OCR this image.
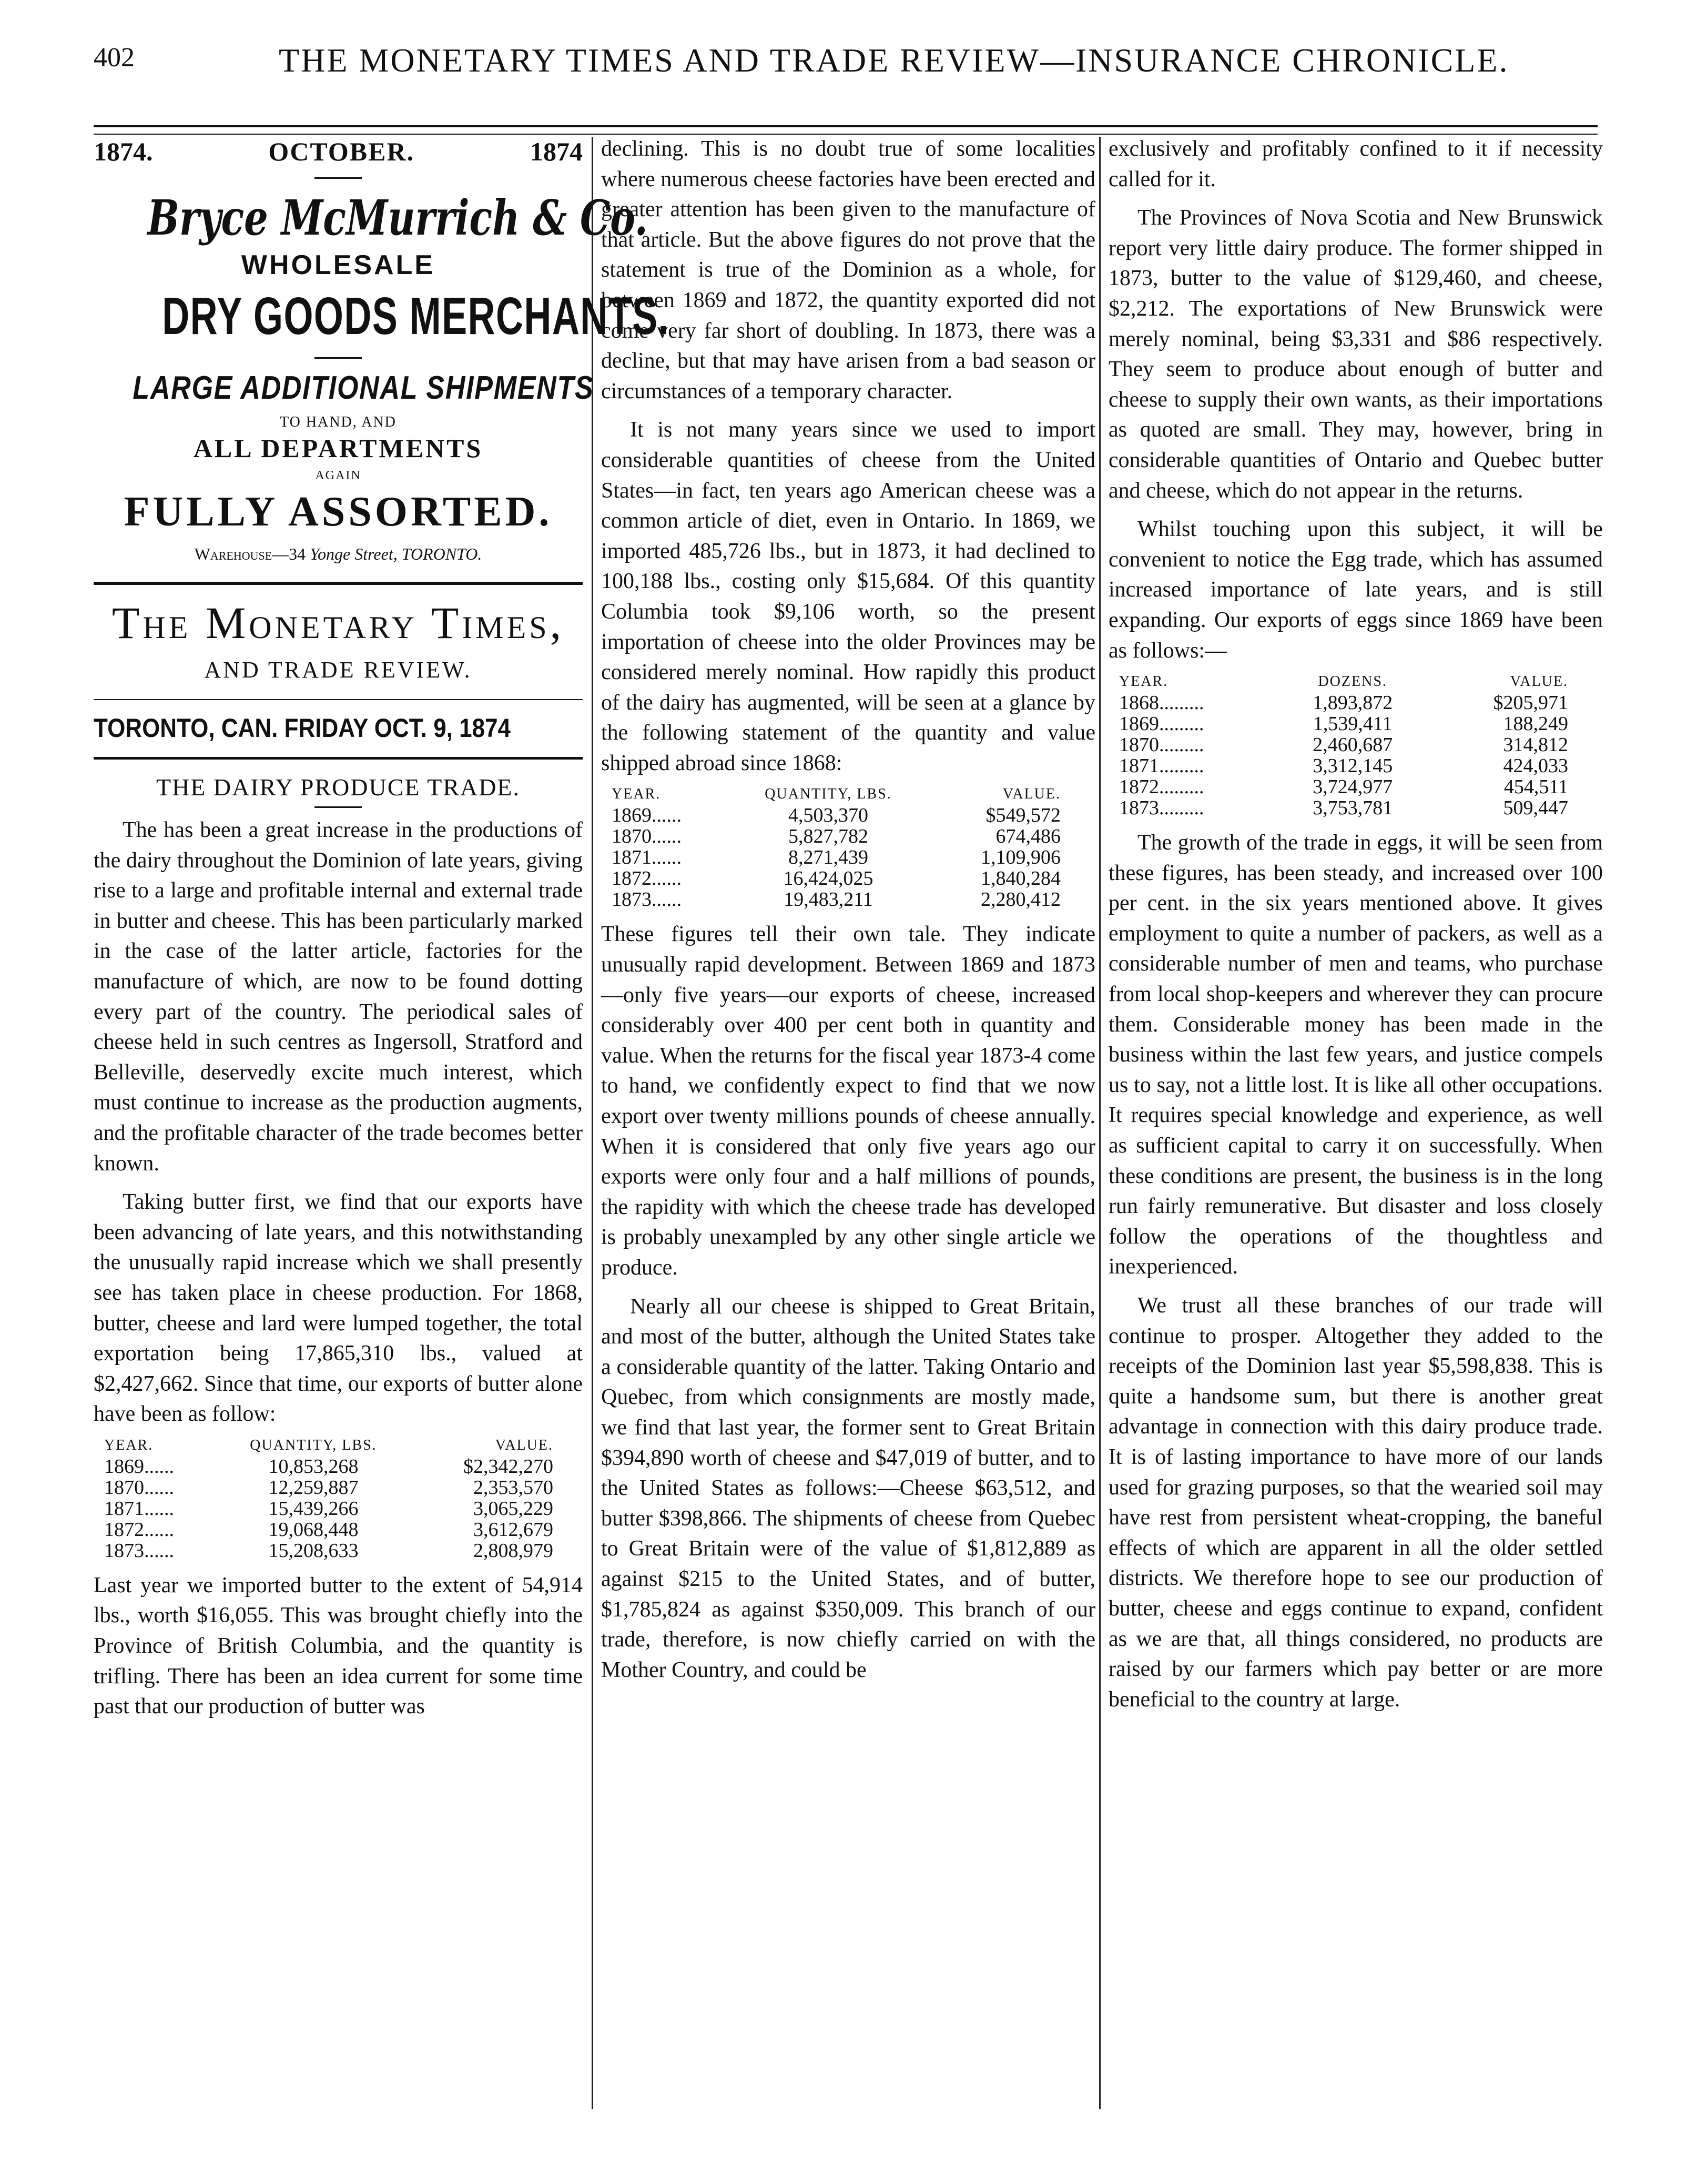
402	THE MONETARY TIMES AND TRADE REVIEW—INSURANCE CHRONICLE.
1874.	OCTOBER.	1874
Bryce McMurrich & Co.
WHOLESALE
DRY GOODS MERCHANTS.
LARGE ADDITIONAL SHIPMENTS
TO HAND, AND
ALL DEPARTMENTS
AGAIN
FULLY ASSORTED.
Warehouse—34 Yonge Street, TORONTO.
The Monetary Times,
AND TRADE REVIEW.
TORONTO, CAN. FRIDAY OCT. 9, 1874
THE DAIRY PRODUCE TRADE.

The has been a great increase in the productions of the dairy throughout the Dominion of late years, giving rise to a large and profitable internal and external trade in butter and cheese. This has been particularly marked in the case of the latter article, factories for the manufacture of which, are now to be found dotting every part of the country. The periodical sales of cheese held in such centres as Ingersoll, Stratford and Belleville, deservedly excite much interest, which must continue to increase as the production augments, and the profitable character of the trade becomes better known.

Taking butter first, we find that our exports have been advancing of late years, and this notwithstanding the unusually rapid increase which we shall presently see has taken place in cheese production. For 1868, butter, cheese and lard were lumped together, the total exportation being 17,865,310 lbs., valued at $2,427,662. Since that time, our exports of butter alone have been as follow:

YEAR.	QUANTITY, LBS.	VALUE.
1869......	10,853,268	$2,342,270
1870......	12,259,887	2,353,570
1871......	15,439,266	3,065,229
1872......	19,068,448	3,612,679
1873......	15,208,633	2,808,979

Last year we imported butter to the extent of 54,914 lbs., worth $16,055. This was brought chiefly into the Province of British Columbia, and the quantity is trifling. There has been an idea current for some time past that our production of butter was

declining. This is no doubt true of some localities where numerous cheese factories have been erected and greater attention has been given to the manufacture of that article. But the above figures do not prove that the statement is true of the Dominion as a whole, for between 1869 and 1872, the quantity exported did not come very far short of doubling. In 1873, there was a decline, but that may have arisen from a bad season or circumstances of a temporary character.

It is not many years since we used to import considerable quantities of cheese from the United States—in fact, ten years ago American cheese was a common article of diet, even in Ontario. In 1869, we imported 485,726 lbs., but in 1873, it had declined to 100,188 lbs., costing only $15,684. Of this quantity Columbia took $9,106 worth, so the present importation of cheese into the older Provinces may be considered merely nominal. How rapidly this product of the dairy has augmented, will be seen at a glance by the following statement of the quantity and value shipped abroad since 1868:

YEAR.	QUANTITY, LBS.	VALUE.
1869......	4,503,370	$549,572
1870......	5,827,782	674,486
1871......	8,271,439	1,109,906
1872......	16,424,025	1,840,284
1873......	19,483,211	2,280,412

These figures tell their own tale. They indicate unusually rapid development. Between 1869 and 1873—only five years—our exports of cheese, increased considerably over 400 per cent both in quantity and value. When the returns for the fiscal year 1873-4 come to hand, we confidently expect to find that we now export over twenty millions pounds of cheese annually. When it is considered that only five years ago our exports were only four and a half millions of pounds, the rapidity with which the cheese trade has developed is probably unexampled by any other single article we produce.

Nearly all our cheese is shipped to Great Britain, and most of the butter, although the United States take a considerable quantity of the latter. Taking Ontario and Quebec, from which consignments are mostly made, we find that last year, the former sent to Great Britain $394,890 worth of cheese and $47,019 of butter, and to the United States as follows:—Cheese $63,512, and butter $398,866. The shipments of cheese from Quebec to Great Britain were of the value of $1,812,889 as against $215 to the United States, and of butter, $1,785,824 as against $350,009. This branch of our trade, therefore, is now chiefly carried on with the Mother Country, and could be

exclusively and profitably confined to it if necessity called for it.

The Provinces of Nova Scotia and New Brunswick report very little dairy produce. The former shipped in 1873, butter to the value of $129,460, and cheese, $2,212. The exportations of New Brunswick were merely nominal, being $3,331 and $86 respectively. They seem to produce about enough of butter and cheese to supply their own wants, as their importations as quoted are small. They may, however, bring in considerable quantities of Ontario and Quebec butter and cheese, which do not appear in the returns.

Whilst touching upon this subject, it will be convenient to notice the Egg trade, which has assumed increased importance of late years, and is still expanding. Our exports of eggs since 1869 have been as follows:—

YEAR.	DOZENS.	VALUE.
1868.........	1,893,872	$205,971
1869.........	1,539,411	188,249
1870.........	2,460,687	314,812
1871.........	3,312,145	424,033
1872.........	3,724,977	454,511
1873.........	3,753,781	509,447

The growth of the trade in eggs, it will be seen from these figures, has been steady, and increased over 100 per cent. in the six years mentioned above. It gives employment to quite a number of packers, as well as a considerable number of men and teams, who purchase from local shop-keepers and wherever they can procure them. Considerable money has been made in the business within the last few years, and justice compels us to say, not a little lost. It is like all other occupations. It requires special knowledge and experience, as well as sufficient capital to carry it on successfully. When these conditions are present, the business is in the long run fairly remunerative. But disaster and loss closely follow the operations of the thoughtless and inexperienced.

We trust all these branches of our trade will continue to prosper. Altogether they added to the receipts of the Dominion last year $5,598,838. This is quite a handsome sum, but there is another great advantage in connection with this dairy produce trade. It is of lasting importance to have more of our lands used for grazing purposes, so that the wearied soil may have rest from persistent wheat-cropping, the baneful effects of which are apparent in all the older settled districts. We therefore hope to see our production of butter, cheese and eggs continue to expand, confident as we are that, all things considered, no products are raised by our farmers which pay better or are more beneficial to the country at large.
